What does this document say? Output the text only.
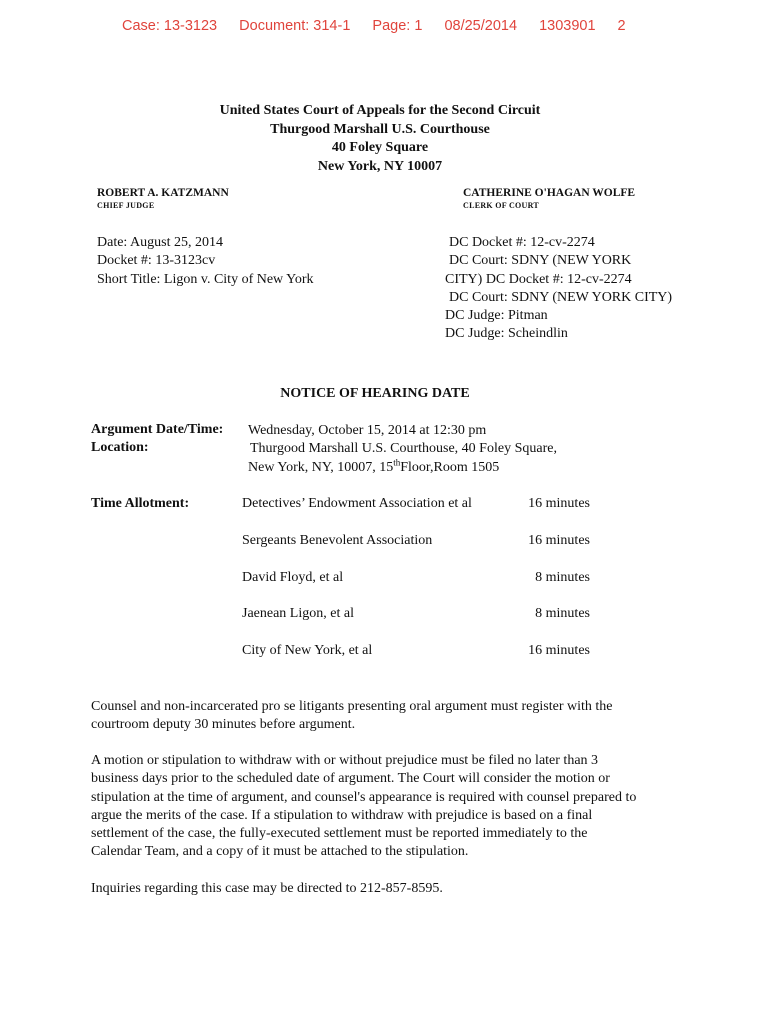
Case: 13-3123 Document: 314-1 Page: 1 08/25/2014 1303901 2
United States Court of Appeals for the Second Circuit
Thurgood Marshall U.S. Courthouse
40 Foley Square
New York, NY 10007
ROBERT A. KATZMANN
CHIEF JUDGE
CATHERINE O'HAGAN WOLFE
CLERK OF COURT
Date: August 25, 2014
Docket #: 13-3123cv
Short Title: Ligon v. City of New York
DC Docket #: 12-cv-2274
DC Court: SDNY (NEW YORK
CITY) DC Docket #: 12-cv-2274
DC Court: SDNY (NEW YORK CITY)
DC Judge: Pitman
DC Judge: Scheindlin
NOTICE OF HEARING DATE
Argument Date/Time: Wednesday, October 15, 2014 at 12:30 pm
Location:	Thurgood Marshall U.S. Courthouse, 40 Foley Square,
New York, NY, 10007, 15thFloor,Room 1505
Time Allotment:	Detectives’ Endowment Association et al	16 minutes
Sergeants Benevolent Association	16 minutes
David Floyd, et al	8 minutes
Jaenean Ligon, et al	8 minutes
City of New York, et al	16 minutes
Counsel and non-incarcerated pro se litigants presenting oral argument must register with the
courtroom deputy 30 minutes before argument.
A motion or stipulation to withdraw with or without prejudice must be filed no later than 3
business days prior to the scheduled date of argument. The Court will consider the motion or
stipulation at the time of argument, and counsel's appearance is required with counsel prepared to
argue the merits of the case. If a stipulation to withdraw with prejudice is based on a final
settlement of the case, the fully-executed settlement must be reported immediately to the
Calendar Team, and a copy of it must be attached to the stipulation.
Inquiries regarding this case may be directed to 212-857-8595.
